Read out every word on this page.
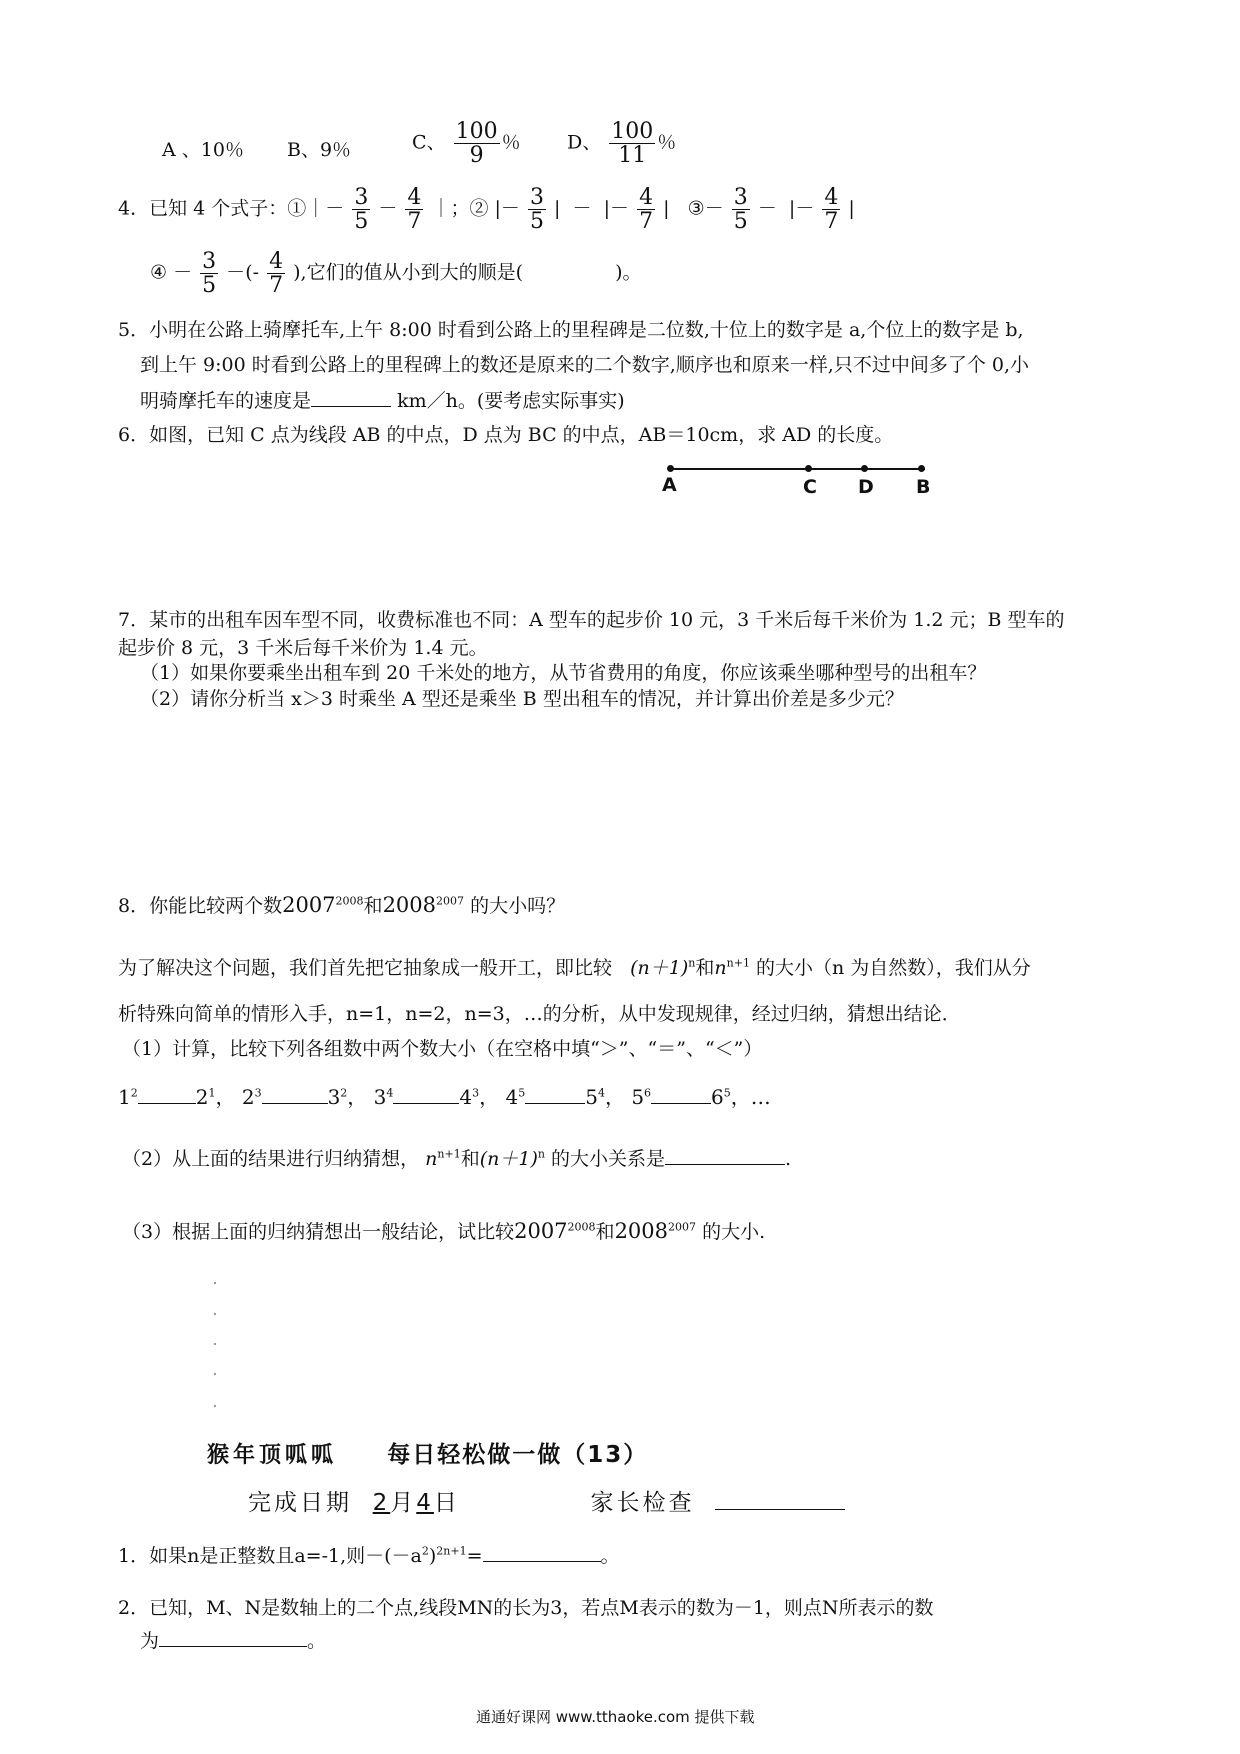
A 、10％ B、9％	C、 $\frac{100}{9}$ ％ D、 $\frac{100}{11}$ ％
4．已知 4 个式子：①｜－ $\frac{3}{5} - \frac{4}{7}$ ｜；② |－ $\frac{3}{5}$ | － |－ $\frac{4}{7}$ | ③－ $\frac{3}{5}$ － |－ $\frac{4}{7}$ |
④ － $\frac{3}{5}$ －(- $\frac{4}{7}$ ),它们的值从小到大的顺是(	)。
5．小明在公路上骑摩托车,上午 8:00 时看到公路上的里程碑是二位数,十位上的数字是 a,个位上的数字是 b,
到上午 9:00 时看到公路上的里程碑上的数还是原来的二个数字,顺序也和原来一样,只不过中间多了个 0,小
明骑摩托车的速度是	km／h。(要考虑实际事实)
6．如图，已知 C 点为线段 AB 的中点，D 点为 BC 的中点，AB＝10cm，求 AD 的长度。
A	C D B
7．某市的出租车因车型不同，收费标准也不同：A 型车的起步价 10 元，3 千米后每千米价为 1.2 元；B 型车的
起步价 8 元，3 千米后每千米价为 1.4 元。
（1）如果你要乘坐出租车到 20 千米处的地方，从节省费用的角度，你应该乘坐哪种型号的出租车？
（2）请你分析当 x＞3 时乘坐 A 型还是乘坐 B 型出租车的情况，并计算出价差是多少元？
8．你能比较两个数$2007^{2008}$和$2008^{2007}$ 的大小吗？
为了解决这个问题，我们首先把它抽象成一般开工，即比较 $(n+1)^n$和$n^{n+1}$ 的大小（n 为自然数），我们从分
析特殊向简单的情形入手，n=1，n=2，n=3，…的分析，从中发现规律，经过归纳，猜想出结论．
（1）计算，比较下列各组数中两个数大小（在空格中填“＞”、“＝”、“＜”）
$1^2$	$2^1$， $2^3$	$3^2$， $3^4$	$4^3$， $4^5$	$5^4$， $5^6$	$6^5$，…
（2）从上面的结果进行归纳猜想， $n^{n+1}$和$(n+1)^n$ 的大小关系是	.
（3）根据上面的归纳猜想出一般结论，试比较$2007^{2008}$和$2008^{2007}$ 的大小.
猴年顶呱呱 每日轻松做一做（13）
完成日期 2月4日	家长检查
1．如果n是正整数且a=-1,则$-(-a^2)^{2n+1}=$	。
2．已知，M、N是数轴上的二个点,线段MN的长为3，若点M表示的数为－1，则点N所表示的数
为	。
通通好课网 www.tthaoke.com 提供下载
